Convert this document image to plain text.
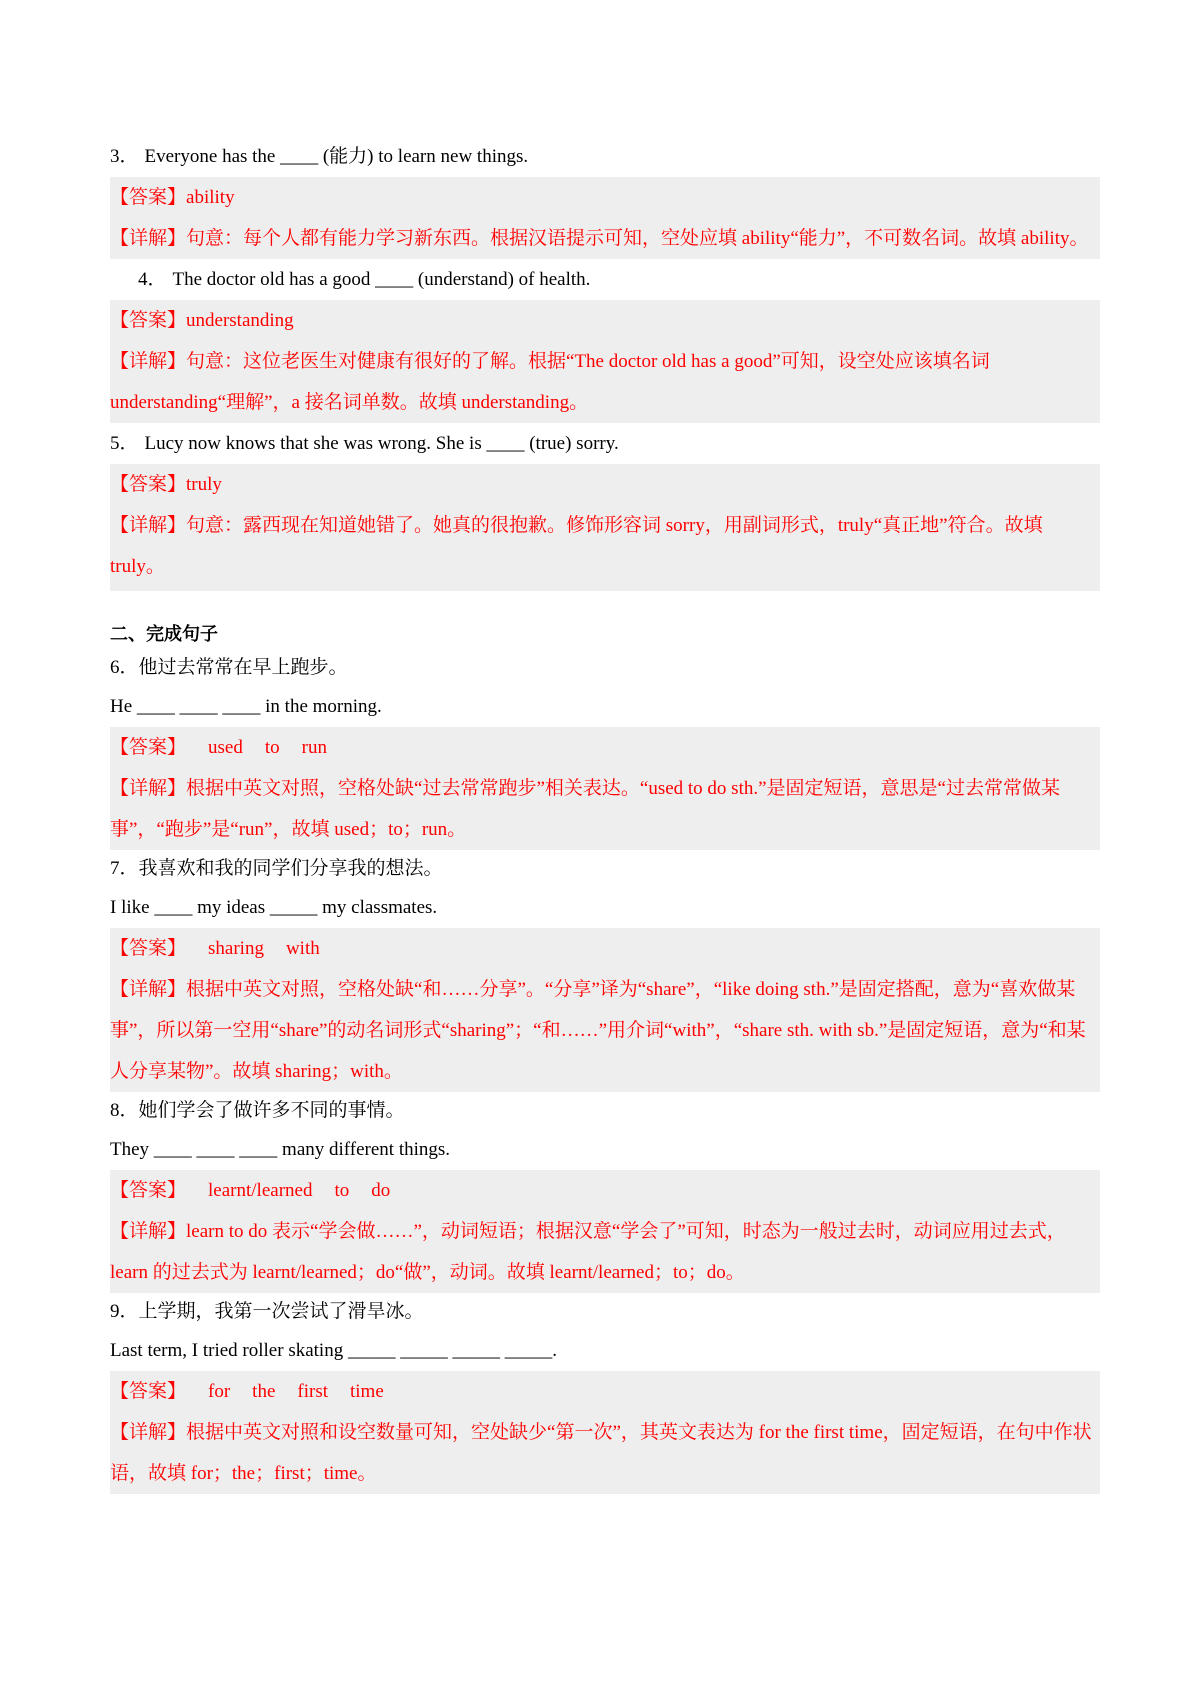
3． Everyone has the ____ (能力) to learn new things.
【答案】ability
【详解】句意：每个人都有能力学习新东西。根据汉语提示可知，空处应填 ability“能力”，不可数名词。故填 ability。
4． The doctor old has a good ____ (understand) of health.
【答案】understanding
【详解】句意：这位老医生对健康有很好的了解。根据“The doctor old has a good”可知，设空处应该填名词 understanding“理解”，a 接名词单数。故填 understanding。
5． Lucy now knows that she was wrong. She is ____ (true) sorry.
【答案】truly
【详解】句意：露西现在知道她错了。她真的很抱歉。修饰形容词 sorry，用副词形式，truly“真正地”符合。故填 truly。
二、完成句子
6．他过去常常在早上跑步。
He ____ ____ ____ in the morning.
【答案】 used to run
【详解】根据中英文对照，空格处缺“过去常常跑步”相关表达。“used to do sth.”是固定短语，意思是“过去常常做某事”，“跑步”是“run”，故填 used；to；run。
7．我喜欢和我的同学们分享我的想法。
I like ____ my ideas _____ my classmates.
【答案】 sharing with
【详解】根据中英文对照，空格处缺“和……分享”。“分享”译为“share”，“like doing sth.”是固定搭配，意为“喜欢做某事”，所以第一空用“share”的动名词形式“sharing”；“和……”用介词“with”，“share sth. with sb.”是固定短语，意为“和某人分享某物”。故填 sharing；with。
8．她们学会了做许多不同的事情。
They ____ ____ ____ many different things.
【答案】 learnt/learned to do
【详解】learn to do 表示“学会做……”，动词短语；根据汉意“学会了”可知，时态为一般过去时，动词应用过去式，learn 的过去式为 learnt/learned；do“做”，动词。故填 learnt/learned；to；do。
9．上学期，我第一次尝试了滑旱冰。
Last term, I tried roller skating _____ _____ _____ _____.
【答案】 for the first time
【详解】根据中英文对照和设空数量可知，空处缺少“第一次”，其英文表达为 for the first time，固定短语，在句中作状语，故填 for；the；first；time。
